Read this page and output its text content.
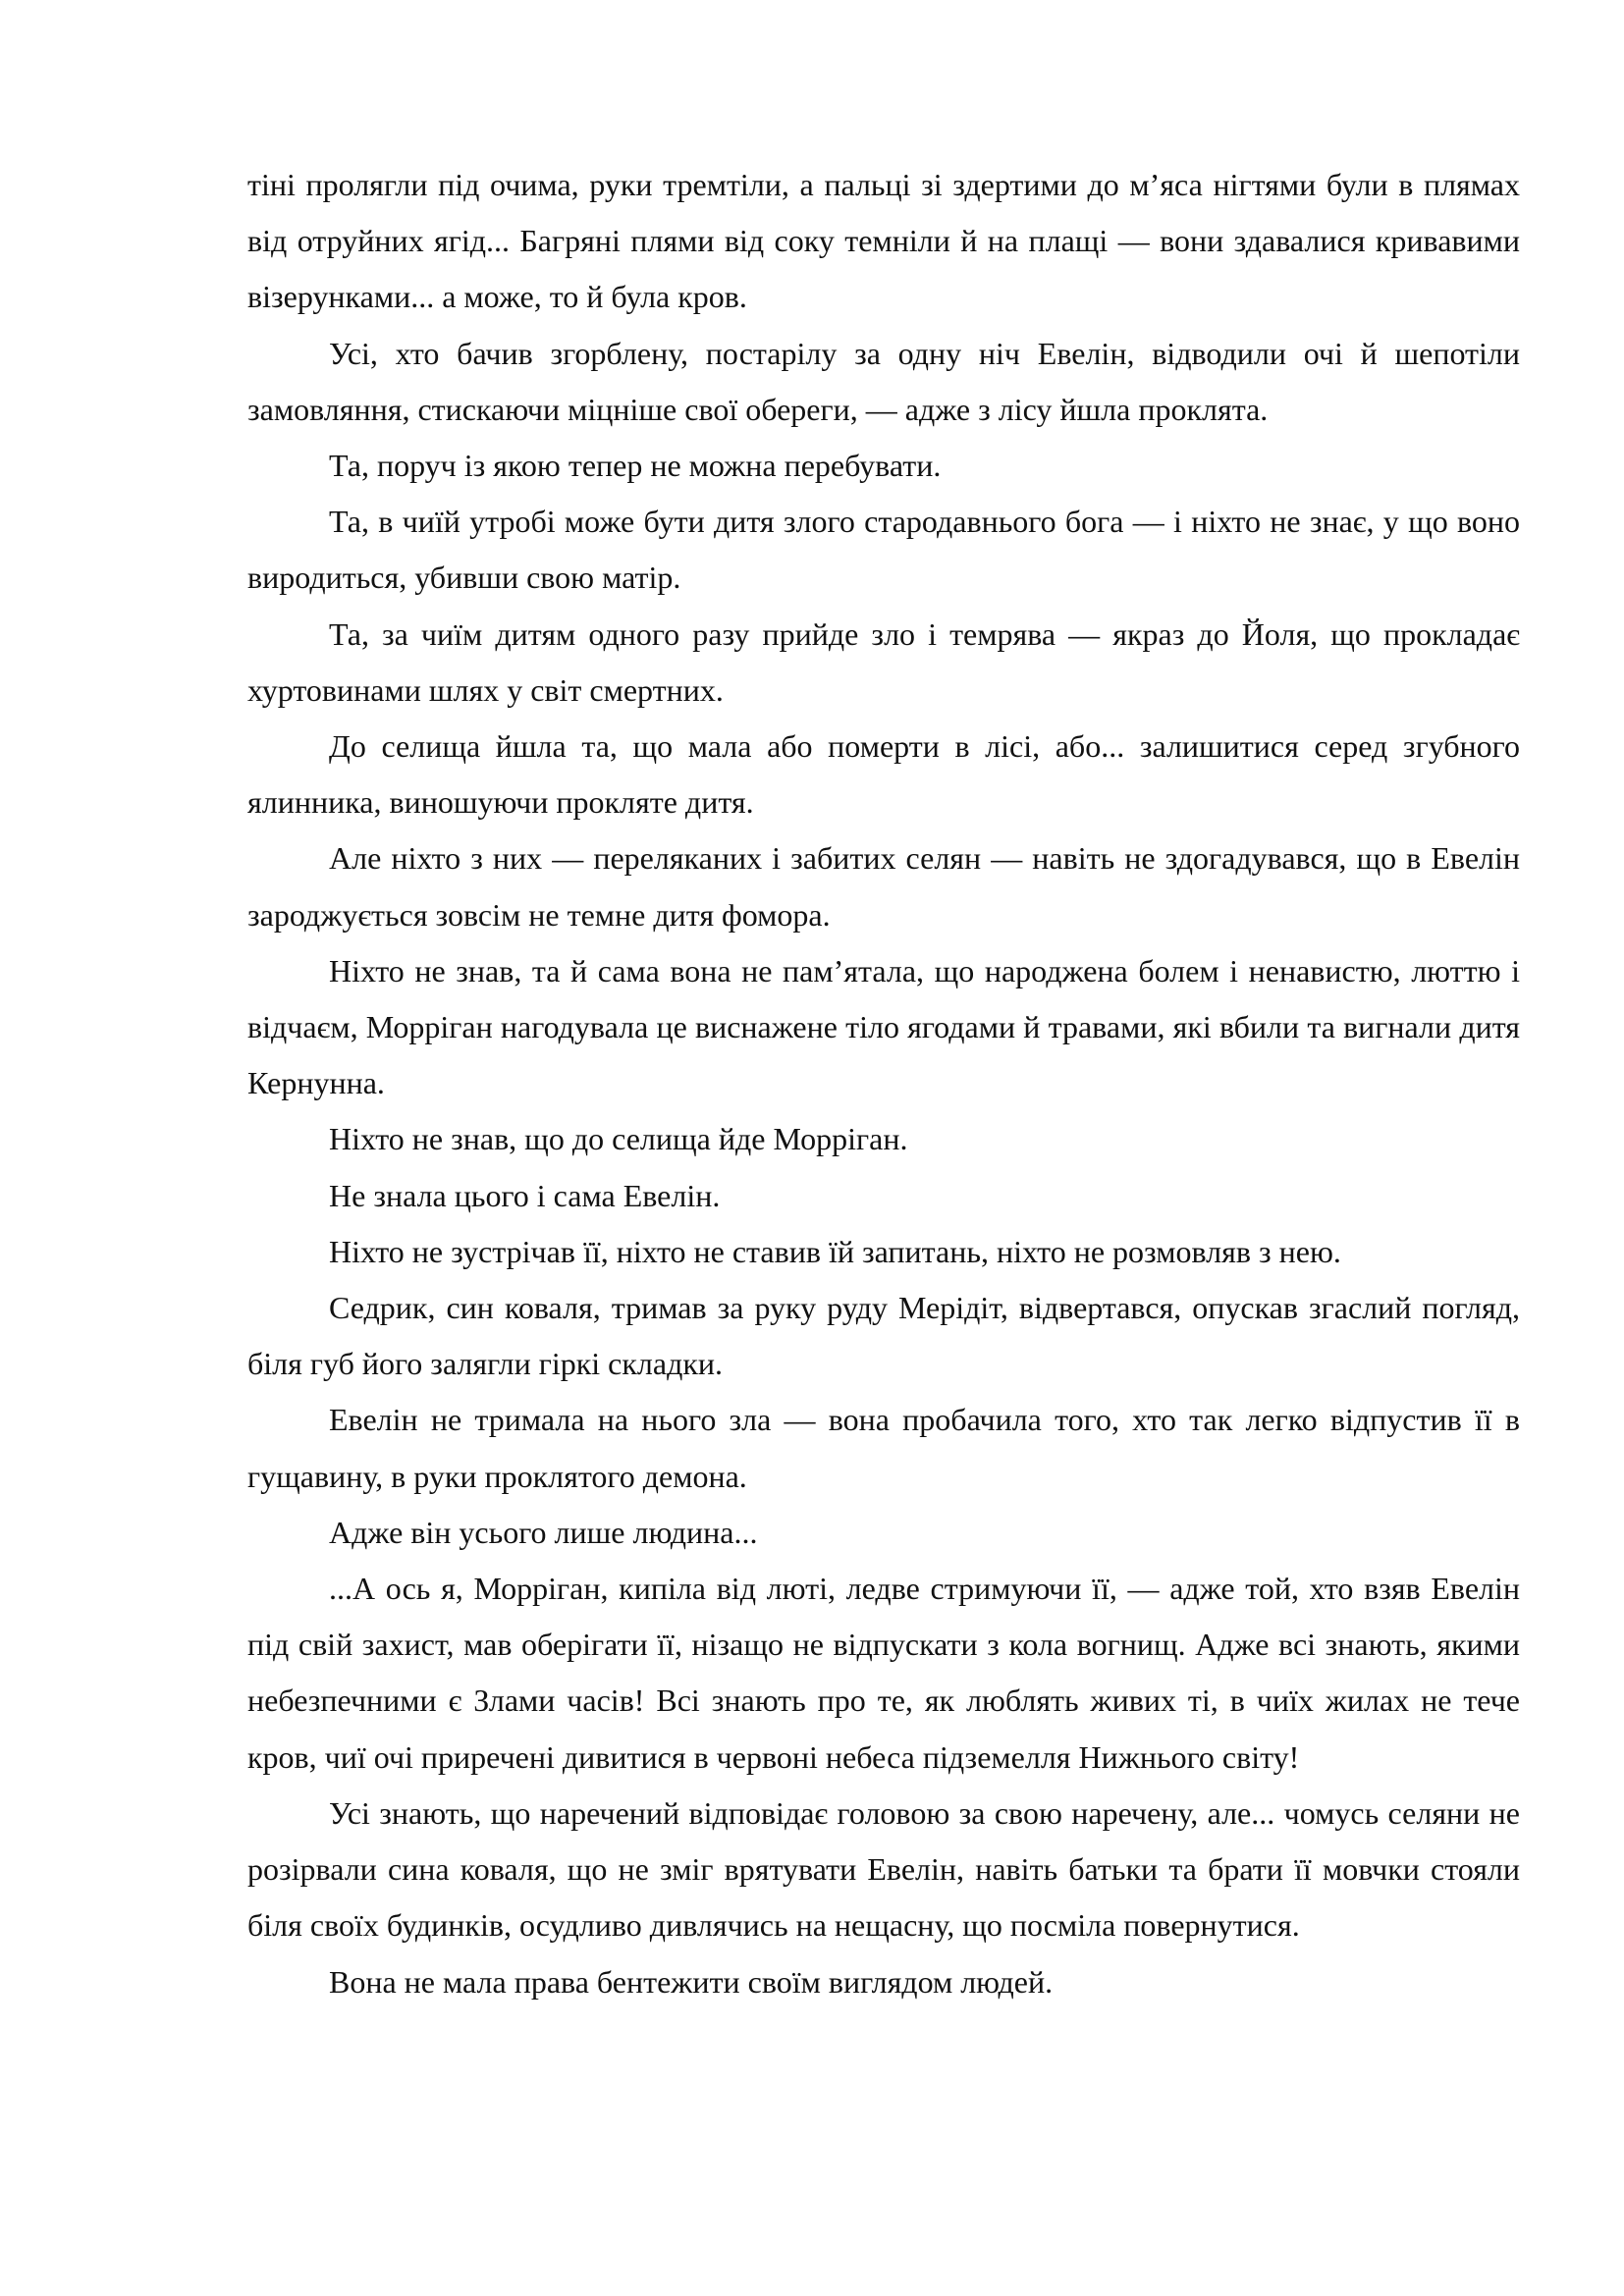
тіні пролягли під очима, руки тремтіли, а пальці зі здертими до м’яса нігтями були в плямах від отруйних ягід... Багряні плями від соку темніли й на плащі — вони здавалися кривавими візерунками... а може, то й була кров.

Усі, хто бачив згорблену, постарілу за одну ніч Евелін, відводили очі й шепотіли замовляння, стискаючи міцніше свої обереги, — адже з лісу йшла проклята.

Та, поруч із якою тепер не можна перебувати.

Та, в чиїй утробі може бути дитя злого стародавнього бога — і ніхто не знає, у що воно виродиться, убивши свою матір.

Та, за чиїм дитям одного разу прийде зло і темрява — якраз до Йоля, що прокладає хуртовинами шлях у світ смертних.

До селища йшла та, що мала або померти в лісі, або... залишитися серед згубного ялинника, виношуючи прокляте дитя.

Але ніхто з них — переляканих і забитих селян — навіть не здогадувався, що в Евелін зароджується зовсім не темне дитя фомора.

Ніхто не знав, та й сама вона не пам’ятала, що народжена болем і ненавистю, люттю і відчаєм, Морріган нагодувала це виснажене тіло ягодами й травами, які вбили та вигнали дитя Кернунна.

Ніхто не знав, що до селища йде Морріган.

Не знала цього і сама Евелін.

Ніхто не зустрічав її, ніхто не ставив їй запитань, ніхто не розмовляв з нею.

Седрик, син коваля, тримав за руку руду Мерідіт, відвертався, опускав згаслий погляд, біля губ його залягли гіркі складки.

Евелін не тримала на нього зла — вона пробачила того, хто так легко відпустив її в гущавину, в руки проклятого демона.

Адже він усього лише людина...

...А ось я, Морріган, кипіла від люті, ледве стримуючи її, — адже той, хто взяв Евелін під свій захист, мав оберігати її, нізащо не відпускати з кола вогнищ. Адже всі знають, якими небезпечними є Злами часів! Всі знають про те, як люблять живих ті, в чиїх жилах не тече кров, чиї очі приречені дивитися в червоні небеса підземелля Нижнього світу!

Усі знають, що наречений відповідає головою за свою наречену, але... чомусь селяни не розірвали сина коваля, що не зміг врятувати Евелін, навіть батьки та брати її мовчки стояли біля своїх будинків, осудливо дивлячись на нещасну, що посміла повернутися.

Вона не мала права бентежити своїм виглядом людей.
